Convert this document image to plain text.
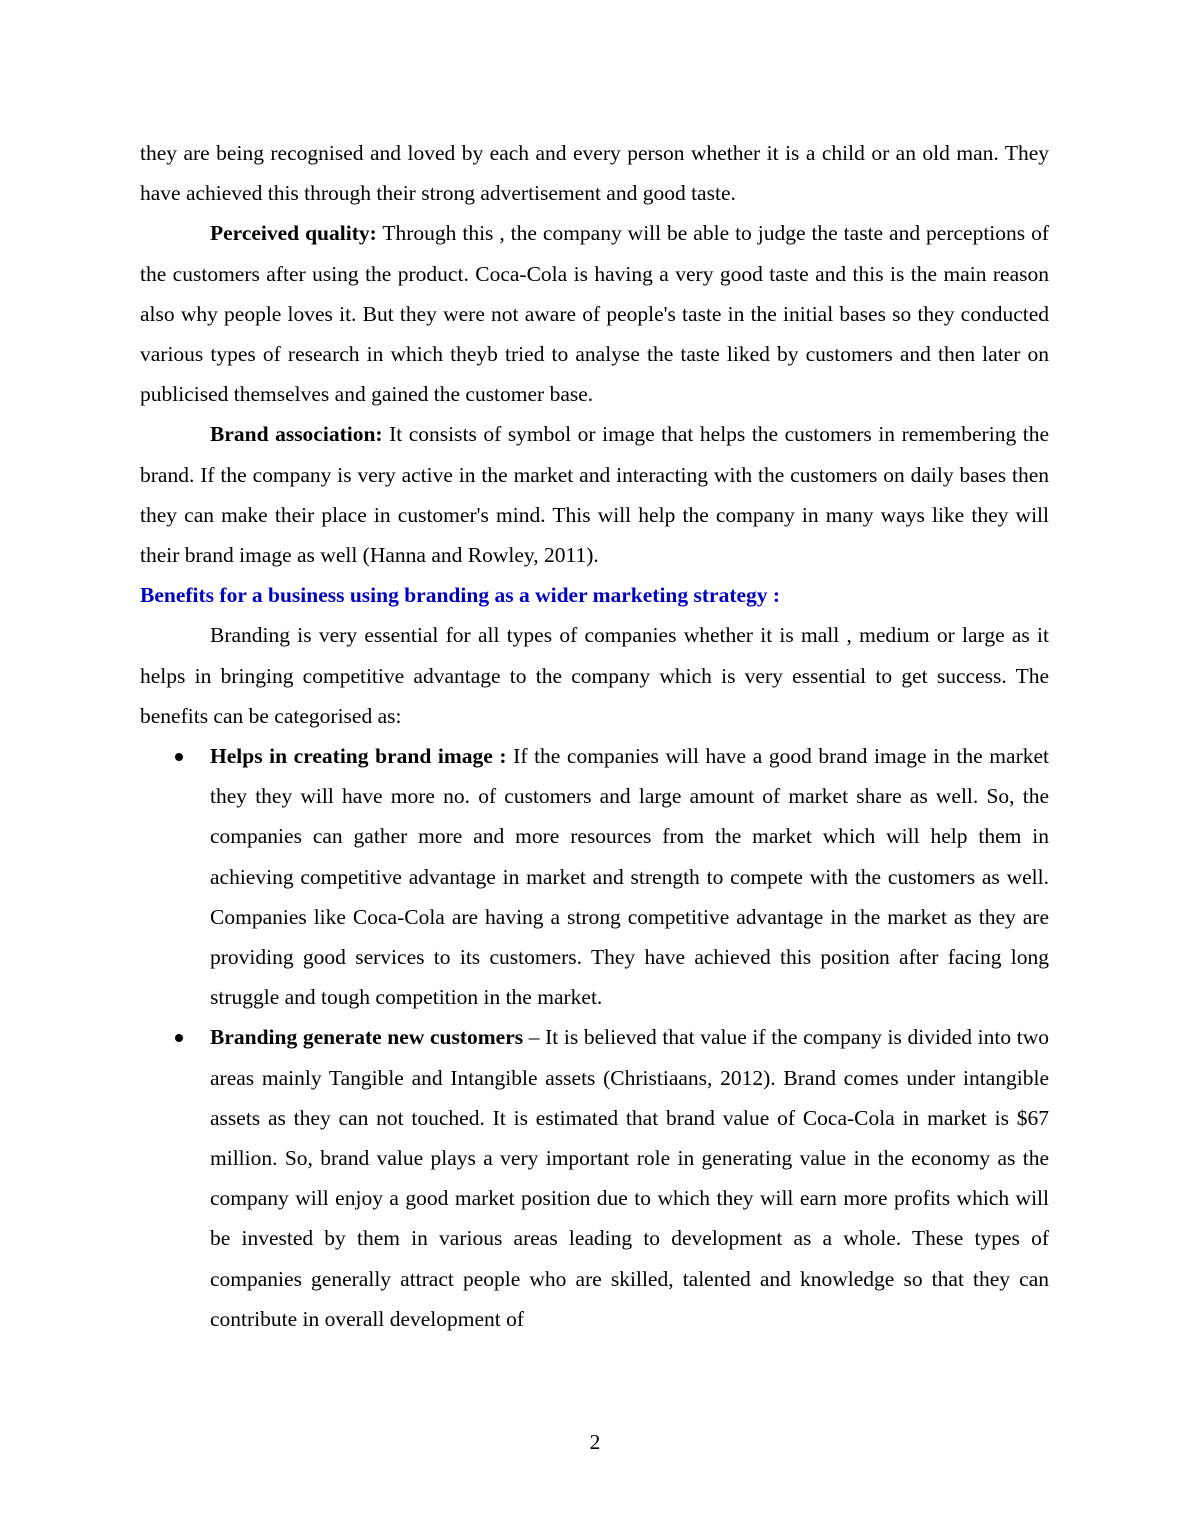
they are being recognised and loved by each and every person whether it is a child or an old man. They have achieved this through their strong advertisement and good taste.

Perceived quality: Through this , the company will be able to judge the taste and perceptions of the customers after using the product. Coca-Cola is having a very good taste and this is the main reason also why people loves it. But they were not aware of people's taste in the initial bases so they conducted various types of research in which theyb tried to analyse the taste liked by customers and then later on publicised themselves and gained the customer base.

Brand association: It consists of symbol or image that helps the customers in remembering the brand. If the company is very active in the market and interacting with the customers on daily bases then they can make their place in customer's mind. This will help the company in many ways like they will their brand image as well (Hanna and Rowley, 2011).

Benefits for a business using branding as a wider marketing strategy :

Branding is very essential for all types of companies whether it is mall , medium or large as it helps in bringing competitive advantage to the company which is very essential to get success. The benefits can be categorised as:

Helps in creating brand image : If the companies will have a good brand image in the market they they will have more no. of customers and large amount of market share as well. So, the companies can gather more and more resources from the market which will help them in achieving competitive advantage in market and strength to compete with the customers as well. Companies like Coca-Cola are having a strong competitive advantage in the market as they are providing good services to its customers. They have achieved this position after facing long struggle and tough competition in the market.
Branding generate new customers – It is believed that value if the company is divided into two areas mainly Tangible and Intangible assets (Christiaans, 2012). Brand comes under intangible assets as they can not touched. It is estimated that brand value of Coca-Cola in market is $67 million. So, brand value plays a very important role in generating value in the economy as the company will enjoy a good market position due to which they will earn more profits which will be invested by them in various areas leading to development as a whole. These types of companies generally attract people who are skilled, talented and knowledge so that they can contribute in overall development of
2
